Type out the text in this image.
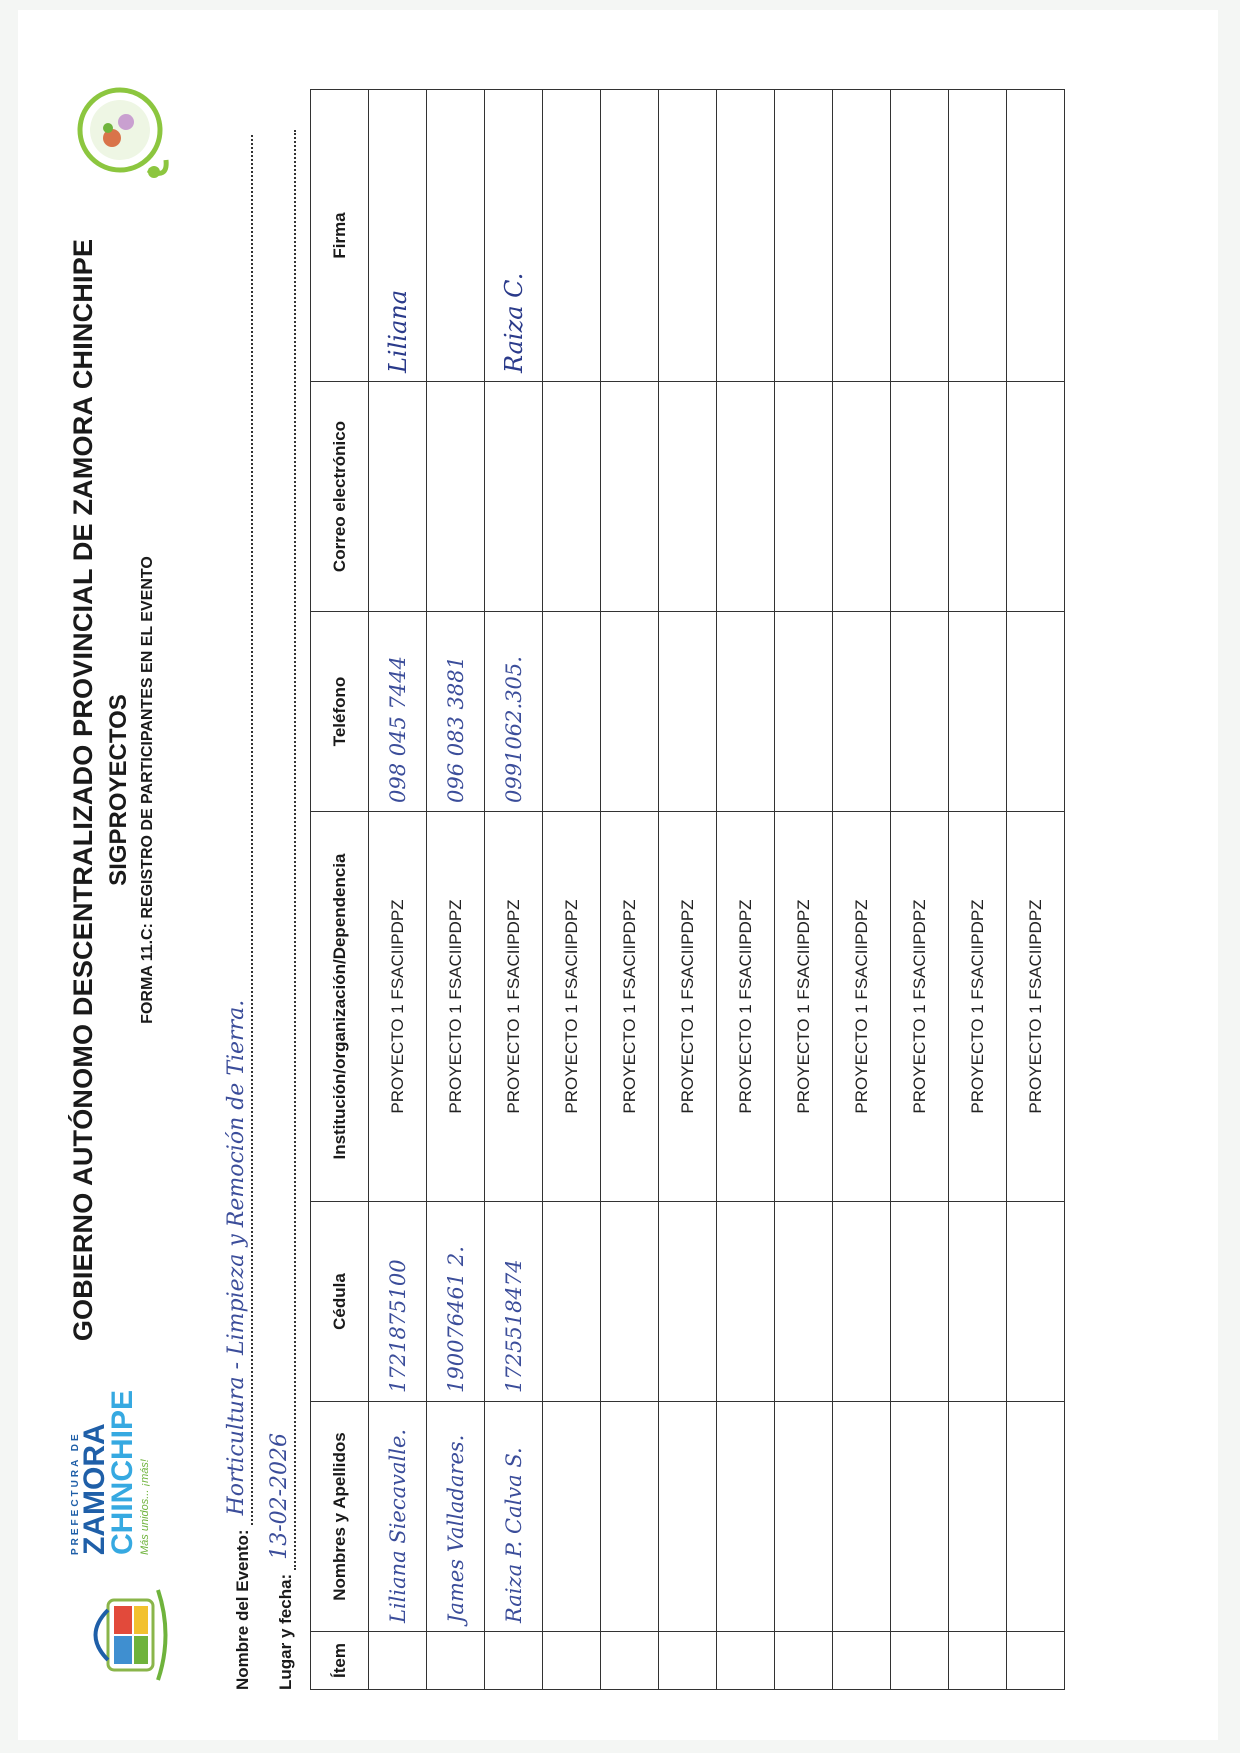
PREFECTURA DE
ZAMORA
CHINCHIPE Más unidos... ¡más!
GOBIERNO AUTÓNOMO DESCENTRALIZADO PROVINCIAL DE ZAMORA CHINCHIPE SIGPROYECTOS FORMA 11.C: REGISTRO DE PARTICIPANTES EN EL EVENTO
Nombre del Evento:
Horticultura - Limpieza y Remoción de Tierra.
Lugar y fecha:
13-02-2026
Ítem	Nombres y Apellidos	Cédula	Institución/organización/Dependencia	Teléfono	Correo electrónico	Firma
	Liliana Siecavalle.	1721875100	PROYECTO 1 FSACIIPDPZ	098 045 7444		Liliana
	James Valladares.	190076461 2.	PROYECTO 1 FSACIIPDPZ	096 083 3881		
	Raiza P. Calva S.	1725518474	PROYECTO 1 FSACIIPDPZ	0991062.305.		Raiza C.
			PROYECTO 1 FSACIIPDPZ			
			PROYECTO 1 FSACIIPDPZ			
			PROYECTO 1 FSACIIPDPZ			
			PROYECTO 1 FSACIIPDPZ			
			PROYECTO 1 FSACIIPDPZ			
			PROYECTO 1 FSACIIPDPZ			
			PROYECTO 1 FSACIIPDPZ			
			PROYECTO 1 FSACIIPDPZ			
			PROYECTO 1 FSACIIPDPZ			
